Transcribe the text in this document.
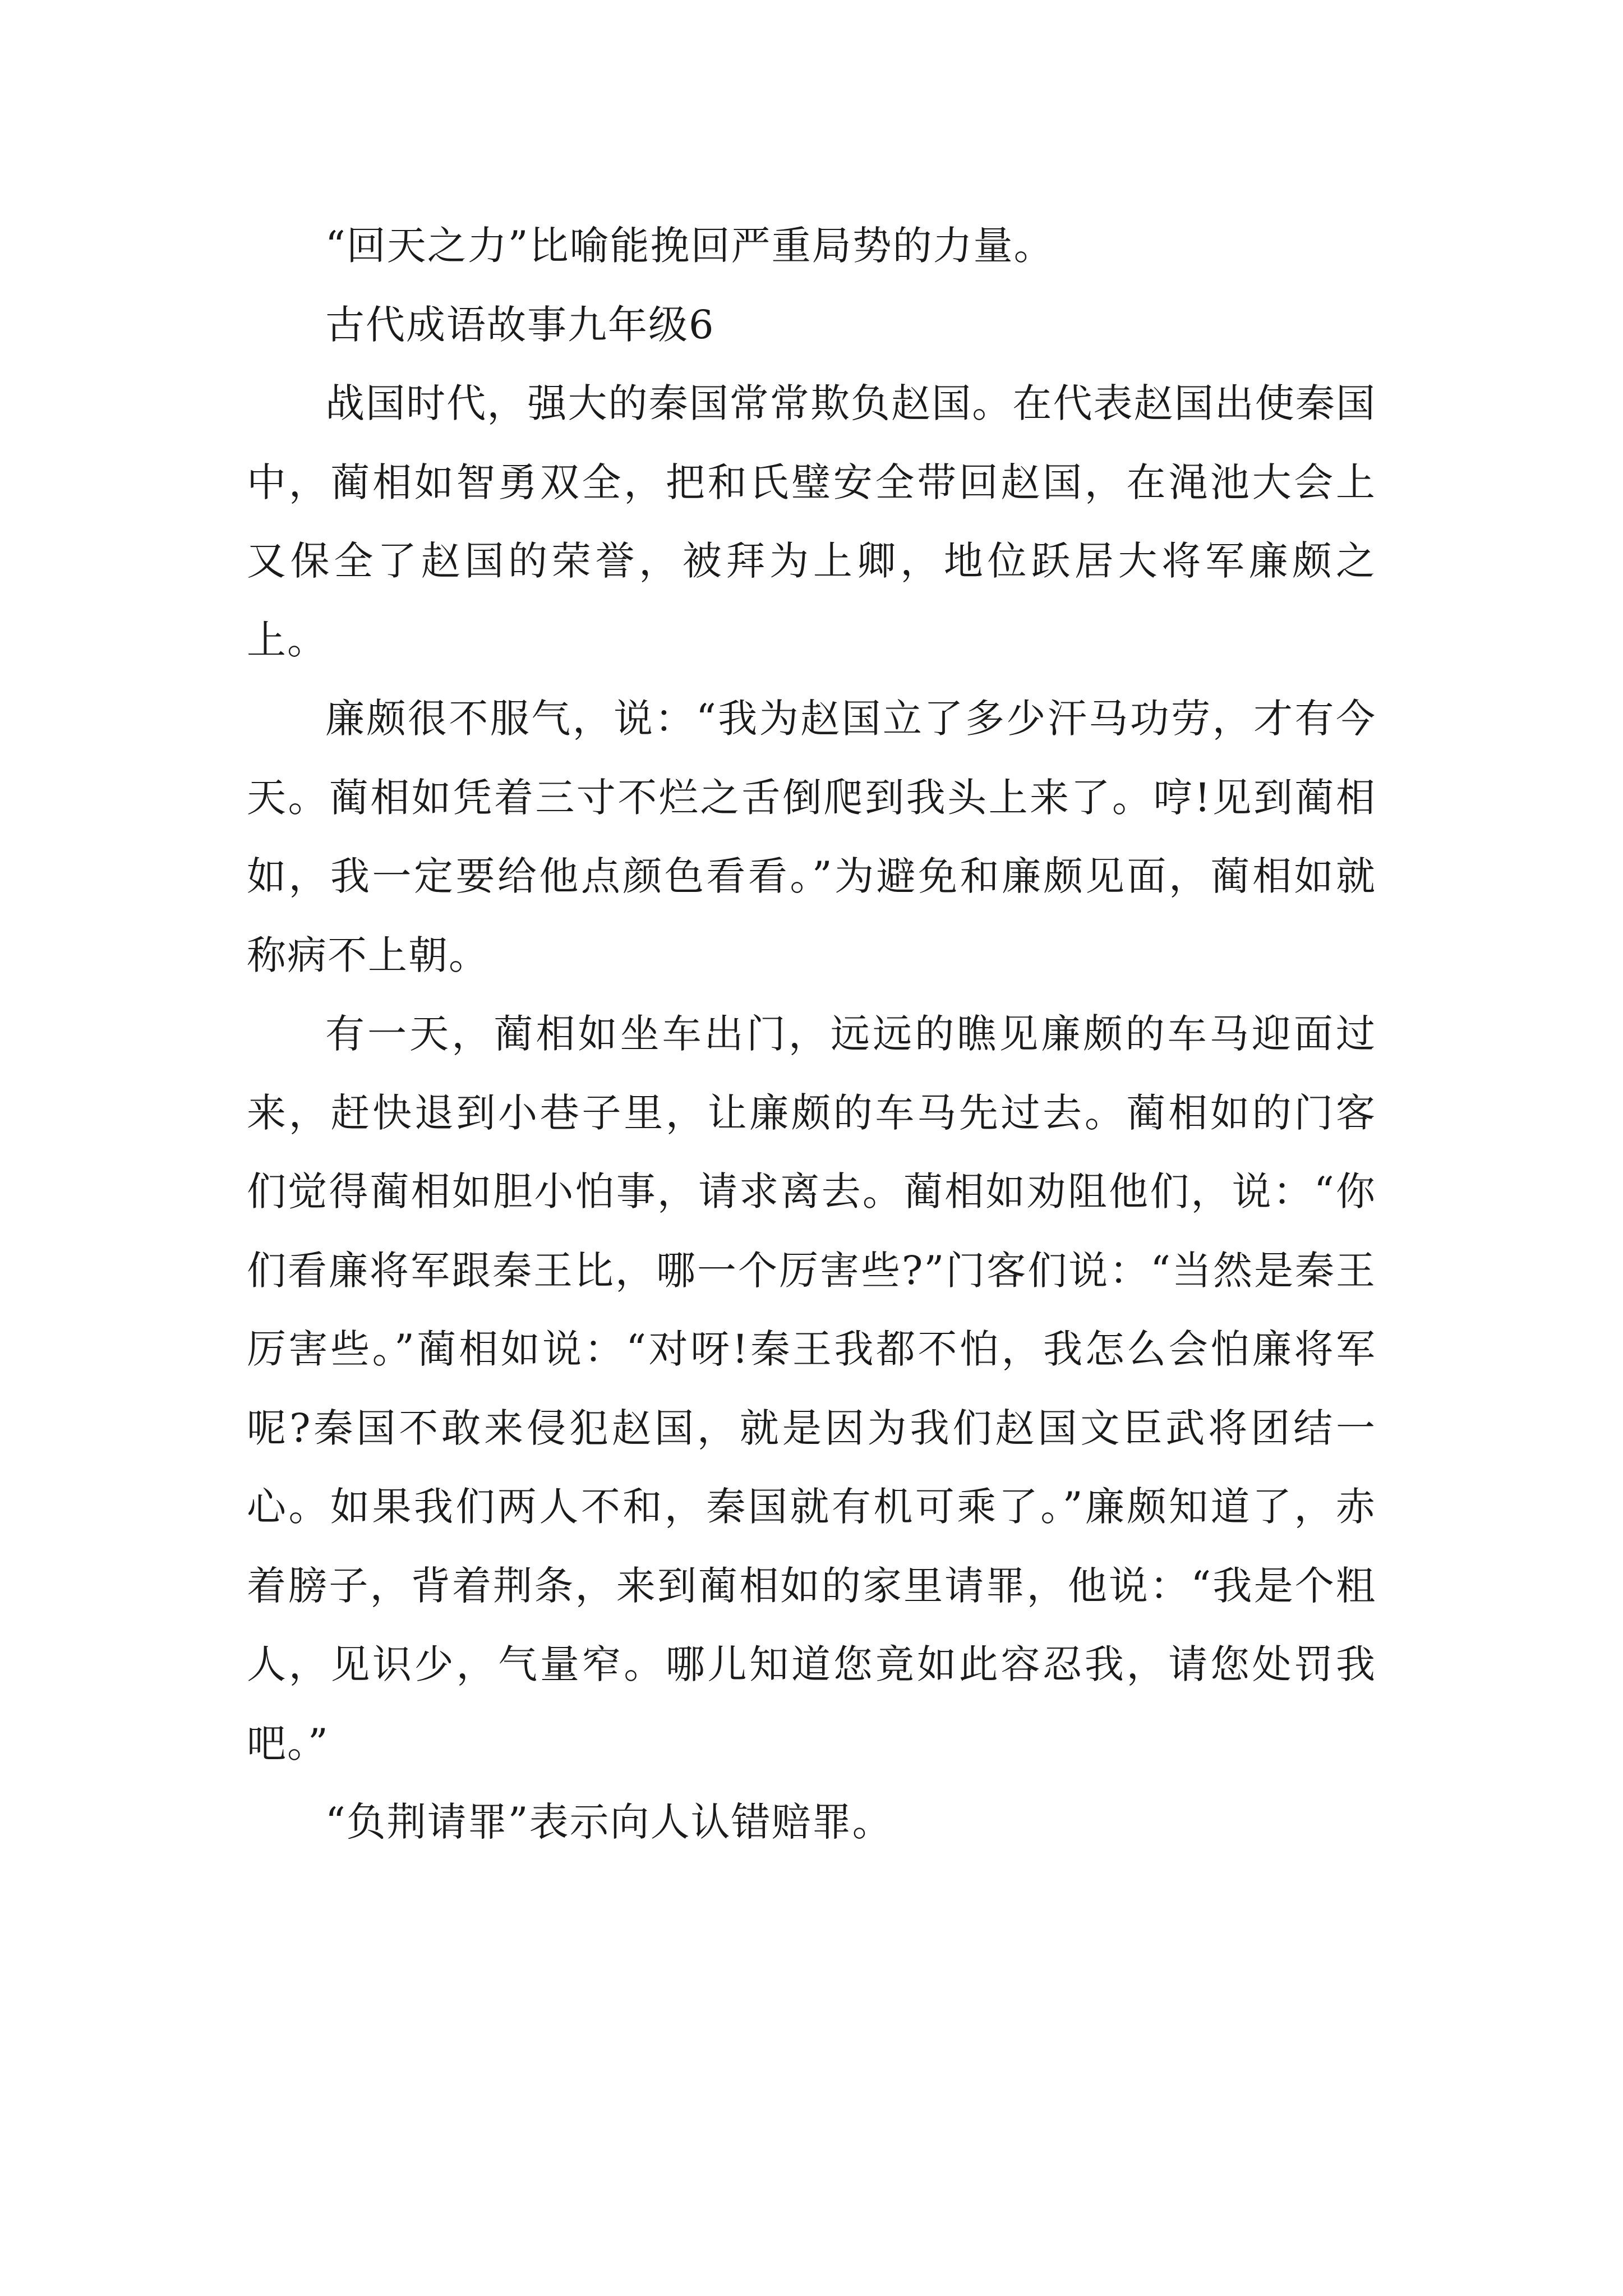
“回天之力”比喻能挽回严重局势的力量。

古代成语故事九年级6

战国时代，强大的秦国常常欺负赵国。在代表赵国出使秦国中，蔺相如智勇双全，把和氏璧安全带回赵国，在渑池大会上又保全了赵国的荣誉，被拜为上卿，地位跃居大将军廉颇之上。

廉颇很不服气，说：“我为赵国立了多少汗马功劳，才有今天。蔺相如凭着三寸不烂之舌倒爬到我头上来了。哼!见到蔺相如，我一定要给他点颜色看看。”为避免和廉颇见面，蔺相如就称病不上朝。

有一天，蔺相如坐车出门，远远的瞧见廉颇的车马迎面过来，赶快退到小巷子里，让廉颇的车马先过去。蔺相如的门客们觉得蔺相如胆小怕事，请求离去。蔺相如劝阻他们，说：“你们看廉将军跟秦王比，哪一个厉害些?”门客们说：“当然是秦王厉害些。”蔺相如说：“对呀!秦王我都不怕，我怎么会怕廉将军呢?秦国不敢来侵犯赵国，就是因为我们赵国文臣武将团结一心。如果我们两人不和，秦国就有机可乘了。”廉颇知道了，赤着膀子，背着荆条，来到蔺相如的家里请罪，他说：“我是个粗人，见识少，气量窄。哪儿知道您竟如此容忍我，请您处罚我吧。”

“负荆请罪”表示向人认错赔罪。
